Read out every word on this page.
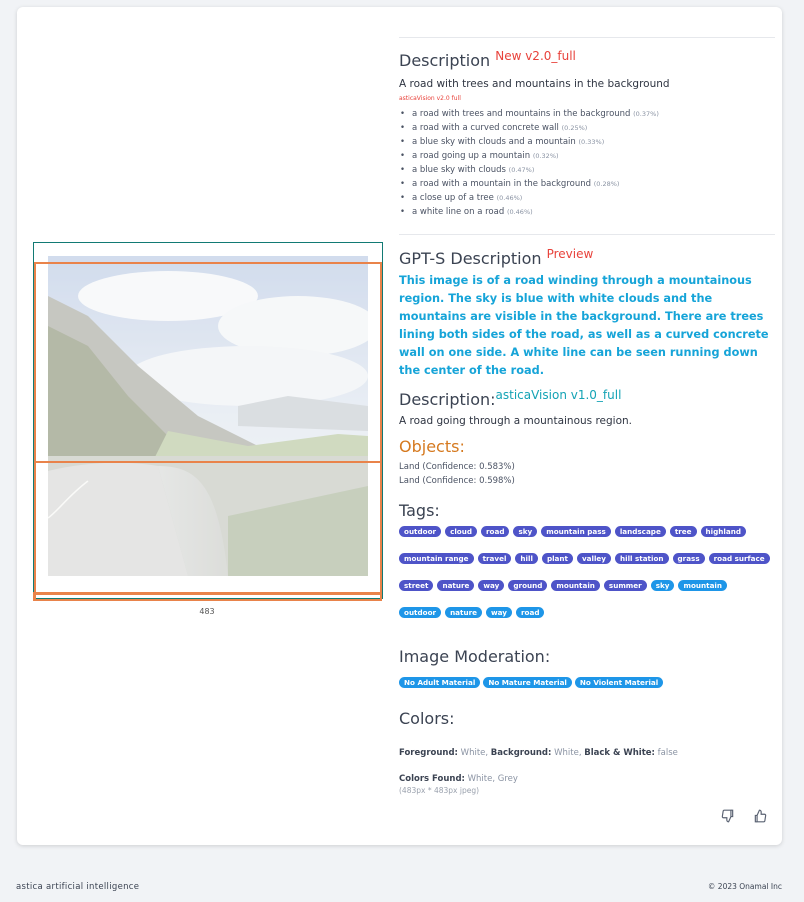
483
Description $^{New v2.0\_full}$
A road with trees and mountains in the background
asticaVision v2.0 full
• a road with trees and mountains in the background (0.37%)
• a road with a curved concrete wall (0.25%)
• a blue sky with clouds and a mountain (0.33%)
• a road going up a mountain (0.32%)
• a blue sky with clouds (0.47%)
• a road with a mountain in the background (0.28%)
• a close up of a tree (0.46%)
• a white line on a road (0.46%)
GPT-S Description $^{Preview}$
This image is of a road winding through a mountainous region. The sky is blue with white clouds and the mountains are visible in the background. There are trees lining both sides of the road, as well as a curved concrete wall on one side. A white line can be seen running down the center of the road.
Description:$^{asticaVision v1.0\_full}$
A road going through a mountainous region.
Objects:
Land (Confidence: 0.583%)
Land (Confidence: 0.598%)
Tags:
outdoor	cloud	road	sky	mountain pass	landscape	tree	highland
mountain range	travel	hill	plant	valley	hill station	grass	road surface
street	nature	way	ground	mountain	summer	sky	mountain
outdoor	nature	way	road
Image Moderation:
No Adult Material No Mature Material No Violent Material
Colors:
Foreground: White, Background: White, Black & White: false
Colors Found: White, Grey
(483px * 483px jpeg)
astica artificial intelligence	© 2023 Onamal Inc
